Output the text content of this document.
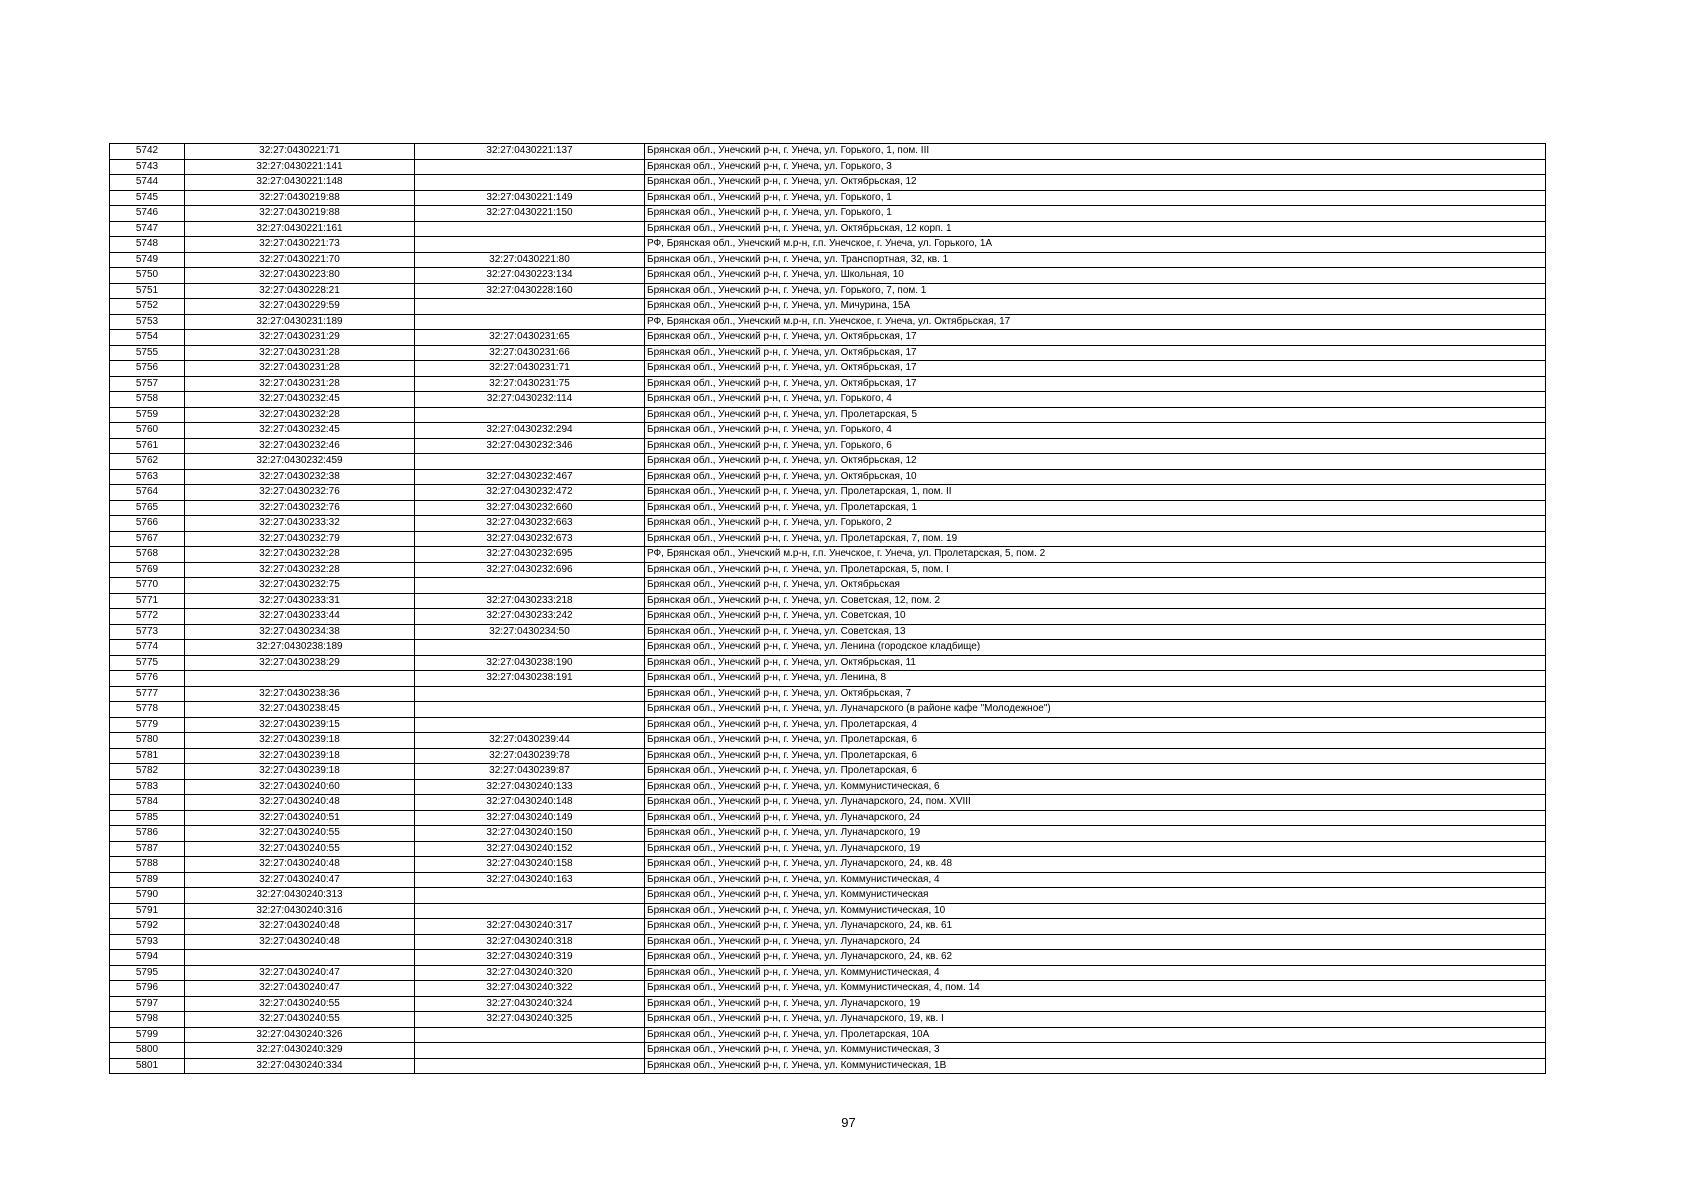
5742	32:27:0430221:71	32:27:0430221:137	Брянская обл., Унечский р-н, г. Унеча, ул. Горького, 1, пом. III
5743	32:27:0430221:141		Брянская обл., Унечский р-н, г. Унеча, ул. Горького, 3
5744	32:27:0430221:148		Брянская обл., Унечский р-н, г. Унеча, ул. Октябрьская, 12
5745	32:27:0430219:88	32:27:0430221:149	Брянская обл., Унечский р-н, г. Унеча, ул. Горького, 1
5746	32:27:0430219:88	32:27:0430221:150	Брянская обл., Унечский р-н, г. Унеча, ул. Горького, 1
5747	32:27:0430221:161		Брянская обл., Унечский р-н, г. Унеча, ул. Октябрьская, 12 корп. 1
5748	32:27:0430221:73		РФ, Брянская обл., Унечский м.р-н, г.п. Унечское, г. Унеча, ул. Горького, 1А
5749	32:27:0430221:70	32:27:0430221:80	Брянская обл., Унечский р-н, г. Унеча, ул. Транспортная, 32, кв. 1
5750	32:27:0430223:80	32:27:0430223:134	Брянская обл., Унечский р-н, г. Унеча, ул. Школьная, 10
5751	32:27:0430228:21	32:27:0430228:160	Брянская обл., Унечский р-н, г. Унеча, ул. Горького, 7, пом. 1
5752	32:27:0430229:59		Брянская обл., Унечский р-н, г. Унеча, ул. Мичурина, 15А
5753	32:27:0430231:189		РФ, Брянская обл., Унечский м.р-н, г.п. Унечское, г. Унеча, ул. Октябрьская, 17
5754	32:27:0430231:29	32:27:0430231:65	Брянская обл., Унечский р-н, г. Унеча, ул. Октябрьская, 17
5755	32:27:0430231:28	32:27:0430231:66	Брянская обл., Унечский р-н, г. Унеча, ул. Октябрьская, 17
5756	32:27:0430231:28	32:27:0430231:71	Брянская обл., Унечский р-н, г. Унеча, ул. Октябрьская, 17
5757	32:27:0430231:28	32:27:0430231:75	Брянская обл., Унечский р-н, г. Унеча, ул. Октябрьская, 17
5758	32:27:0430232:45	32:27:0430232:114	Брянская обл., Унечский р-н, г. Унеча, ул. Горького, 4
5759	32:27:0430232:28		Брянская обл., Унечский р-н, г. Унеча, ул. Пролетарская, 5
5760	32:27:0430232:45	32:27:0430232:294	Брянская обл., Унечский р-н, г. Унеча, ул. Горького, 4
5761	32:27:0430232:46	32:27:0430232:346	Брянская обл., Унечский р-н, г. Унеча, ул. Горького, 6
5762	32:27:0430232:459		Брянская обл., Унечский р-н, г. Унеча, ул. Октябрьская, 12
5763	32:27:0430232:38	32:27:0430232:467	Брянская обл., Унечский р-н, г. Унеча, ул. Октябрьская, 10
5764	32:27:0430232:76	32:27:0430232:472	Брянская обл., Унечский р-н, г. Унеча, ул. Пролетарская, 1, пом. II
5765	32:27:0430232:76	32:27:0430232:660	Брянская обл., Унечский р-н, г. Унеча, ул. Пролетарская, 1
5766	32:27:0430233:32	32:27:0430232:663	Брянская обл., Унечский р-н, г. Унеча, ул. Горького, 2
5767	32:27:0430232:79	32:27:0430232:673	Брянская обл., Унечский р-н, г. Унеча, ул. Пролетарская, 7, пом. 19
5768	32:27:0430232:28	32:27:0430232:695	РФ, Брянская обл., Унечский м.р-н, г.п. Унечское, г. Унеча, ул. Пролетарская, 5, пом. 2
5769	32:27:0430232:28	32:27:0430232:696	Брянская обл., Унечский р-н, г. Унеча, ул. Пролетарская, 5, пом. I
5770	32:27:0430232:75		Брянская обл., Унечский р-н, г. Унеча, ул. Октябрьская
5771	32:27:0430233:31	32:27:0430233:218	Брянская обл., Унечский р-н, г. Унеча, ул. Советская, 12, пом. 2
5772	32:27:0430233:44	32:27:0430233:242	Брянская обл., Унечский р-н, г. Унеча, ул. Советская, 10
5773	32:27:0430234:38	32:27:0430234:50	Брянская обл., Унечский р-н, г. Унеча, ул. Советская, 13
5774	32:27:0430238:189		Брянская обл., Унечский р-н, г. Унеча, ул. Ленина (городское кладбище)
5775	32:27:0430238:29	32:27:0430238:190	Брянская обл., Унечский р-н, г. Унеча, ул. Октябрьская, 11
5776		32:27:0430238:191	Брянская обл., Унечский р-н, г. Унеча, ул. Ленина, 8
5777	32:27:0430238:36		Брянская обл., Унечский р-н, г. Унеча, ул. Октябрьская, 7
5778	32:27:0430238:45		Брянская обл., Унечский р-н, г. Унеча, ул. Луначарского (в районе кафе "Молодежное")
5779	32:27:0430239:15		Брянская обл., Унечский р-н, г. Унеча, ул. Пролетарская, 4
5780	32:27:0430239:18	32:27:0430239:44	Брянская обл., Унечский р-н, г. Унеча, ул. Пролетарская, 6
5781	32:27:0430239:18	32:27:0430239:78	Брянская обл., Унечский р-н, г. Унеча, ул. Пролетарская, 6
5782	32:27:0430239:18	32:27:0430239:87	Брянская обл., Унечский р-н, г. Унеча, ул. Пролетарская, 6
5783	32:27:0430240:60	32:27:0430240:133	Брянская обл., Унечский р-н, г. Унеча, ул. Коммунистическая, 6
5784	32:27:0430240:48	32:27:0430240:148	Брянская обл., Унечский р-н, г. Унеча, ул. Луначарского, 24, пом. XVIII
5785	32:27:0430240:51	32:27:0430240:149	Брянская обл., Унечский р-н, г. Унеча, ул. Луначарского, 24
5786	32:27:0430240:55	32:27:0430240:150	Брянская обл., Унечский р-н, г. Унеча, ул. Луначарского, 19
5787	32:27:0430240:55	32:27:0430240:152	Брянская обл., Унечский р-н, г. Унеча, ул. Луначарского, 19
5788	32:27:0430240:48	32:27:0430240:158	Брянская обл., Унечский р-н, г. Унеча, ул. Луначарского, 24, кв. 48
5789	32:27:0430240:47	32:27:0430240:163	Брянская обл., Унечский р-н, г. Унеча, ул. Коммунистическая, 4
5790	32:27:0430240:313		Брянская обл., Унечский р-н, г. Унеча, ул. Коммунистическая
5791	32:27:0430240:316		Брянская обл., Унечский р-н, г. Унеча, ул. Коммунистическая, 10
5792	32:27:0430240:48	32:27:0430240:317	Брянская обл., Унечский р-н, г. Унеча, ул. Луначарского, 24, кв. 61
5793	32:27:0430240:48	32:27:0430240:318	Брянская обл., Унечский р-н, г. Унеча, ул. Луначарского, 24
5794		32:27:0430240:319	Брянская обл., Унечский р-н, г. Унеча, ул. Луначарского, 24, кв. 62
5795	32:27:0430240:47	32:27:0430240:320	Брянская обл., Унечский р-н, г. Унеча, ул. Коммунистическая, 4
5796	32:27:0430240:47	32:27:0430240:322	Брянская обл., Унечский р-н, г. Унеча, ул. Коммунистическая, 4, пом. 14
5797	32:27:0430240:55	32:27:0430240:324	Брянская обл., Унечский р-н, г. Унеча, ул. Луначарского, 19
5798	32:27:0430240:55	32:27:0430240:325	Брянская обл., Унечский р-н, г. Унеча, ул. Луначарского, 19, кв. I
5799	32:27:0430240:326		Брянская обл., Унечский р-н, г. Унеча, ул. Пролетарская, 10А
5800	32:27:0430240:329		Брянская обл., Унечский р-н, г. Унеча, ул. Коммунистическая, 3
5801	32:27:0430240:334		Брянская обл., Унечский р-н, г. Унеча, ул. Коммунистическая, 1В
97
